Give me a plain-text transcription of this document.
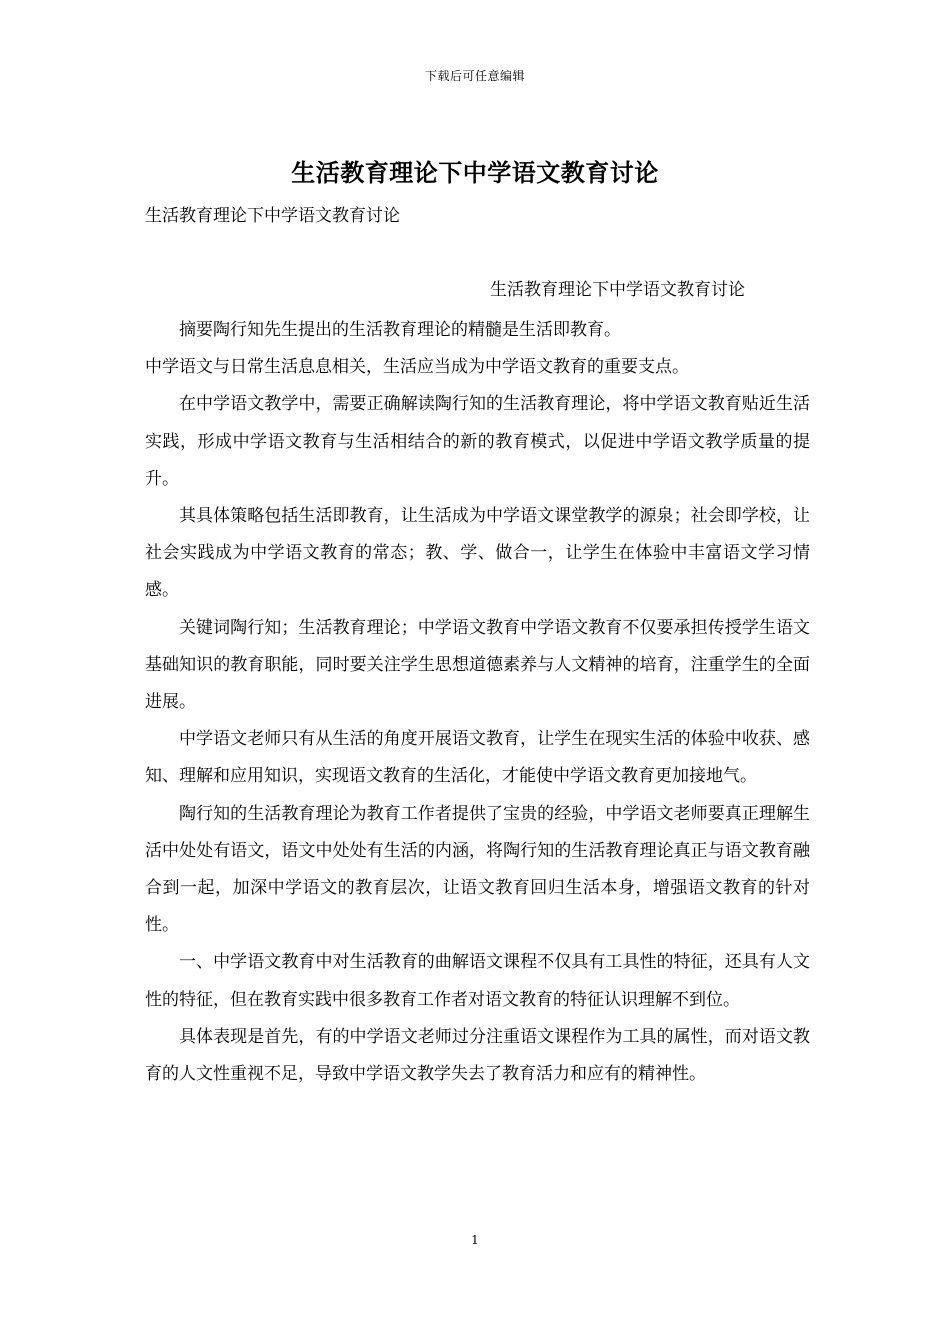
下载后可任意编辑
生活教育理论下中学语文教育讨论
生活教育理论下中学语文教育讨论
生活教育理论下中学语文教育讨论

摘要陶行知先生提出的生活教育理论的精髓是生活即教育。

中学语文与日常生活息息相关，生活应当成为中学语文教育的重要支点。

在中学语文教学中，需要正确解读陶行知的生活教育理论，将中学语文教育贴近生活实践，形成中学语文教育与生活相结合的新的教育模式，以促进中学语文教学质量的提升。

其具体策略包括生活即教育，让生活成为中学语文课堂教学的源泉；社会即学校，让社会实践成为中学语文教育的常态；教、学、做合一，让学生在体验中丰富语文学习情感。

关键词陶行知；生活教育理论；中学语文教育中学语文教育不仅要承担传授学生语文基础知识的教育职能，同时要关注学生思想道德素养与人文精神的培育，注重学生的全面进展。

中学语文老师只有从生活的角度开展语文教育，让学生在现实生活的体验中收获、感知、理解和应用知识，实现语文教育的生活化，才能使中学语文教育更加接地气。

陶行知的生活教育理论为教育工作者提供了宝贵的经验，中学语文老师要真正理解生活中处处有语文，语文中处处有生活的内涵，将陶行知的生活教育理论真正与语文教育融合到一起，加深中学语文的教育层次，让语文教育回归生活本身，增强语文教育的针对性。

一、中学语文教育中对生活教育的曲解语文课程不仅具有工具性的特征，还具有人文性的特征，但在教育实践中很多教育工作者对语文教育的特征认识理解不到位。

具体表现是首先，有的中学语文老师过分注重语文课程作为工具的属性，而对语文教育的人文性重视不足，导致中学语文教学失去了教育活力和应有的精神性。

1
